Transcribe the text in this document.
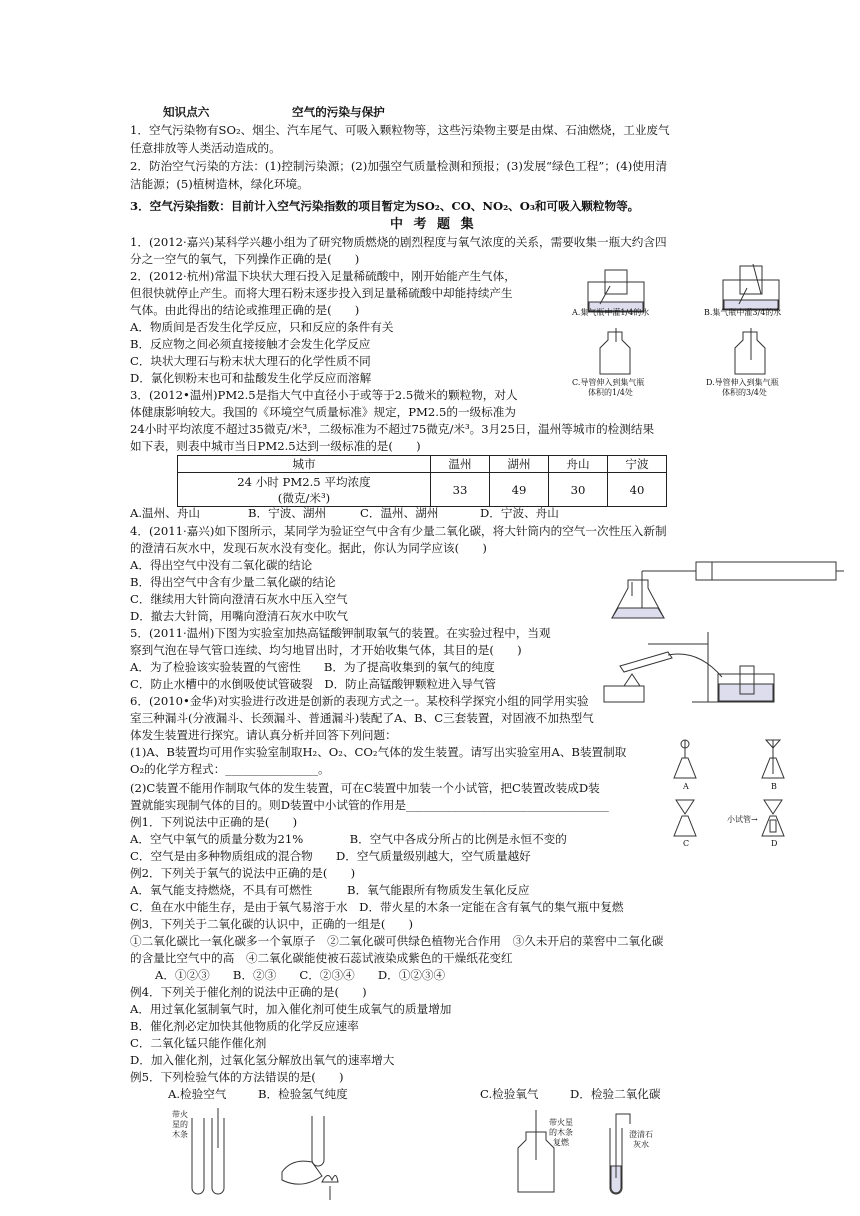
知识点六	空气的污染与保护
1．空气污染物有SO₂、烟尘、汽车尾气、可吸入颗粒物等，这些污染物主要是由煤、石油燃烧，工业废气
任意排放等人类活动造成的。
2．防治空气污染的方法：(1)控制污染源；(2)加强空气质量检测和预报；(3)发展“绿色工程”；(4)使用清
洁能源；(5)植树造林，绿化环境。
3．空气污染指数：目前计入空气污染指数的项目暂定为SO₂、CO、NO₂、O₃和可吸入颗粒物等。
中 考 题 集
1．(2012·嘉兴)某科学兴趣小组为了研究物质燃烧的剧烈程度与氧气浓度的关系，需要收集一瓶大约含四
分之一空气的氧气，下列操作正确的是(　　)
A.集气瓶中灌1/4的水	B.集气瓶中灌3/4的水
C.导管伸入到集气瓶
体积的1/4处
D.导管伸入到集气瓶
体积的3/4处
2．(2012·杭州)常温下块状大理石投入足量稀硫酸中，刚开始能产生气体，
但很快就停止产生。而将大理石粉末逐步投入到足量稀硫酸中却能持续产生
气体。由此得出的结论或推理正确的是(　　)
A．物质间是否发生化学反应，只和反应的条件有关
B．反应物之间必须直接接触才会发生化学反应
C．块状大理石与粉末状大理石的化学性质不同
D．氯化钡粉末也可和盐酸发生化学反应而溶解
3．(2012•温州)PM2.5是指大气中直径小于或等于2.5微米的颗粒物，对人
体健康影响较大。我国的《环境空气质量标准》规定，PM2.5的一级标准为
24小时平均浓度不超过35微克/米³，二级标准为不超过75微克/米³。3月25日，温州等城市的检测结果
如下表，则表中城市当日PM2.5达到一级标准的是(　　)
城市	温州	湖州	舟山	宁波

24 小时 PM2.5 平均浓度
(微克/米³)	33	49	30	40
A.温州、舟山	B．宁波、湖州	C．温州、湖州	D．宁波、舟山
4．(2011·嘉兴)如下图所示，某同学为验证空气中含有少量二氧化碳，将大针筒内的空气一次性压入新制
的澄清石灰水中，发现石灰水没有变化。据此，你认为同学应该(　　)
A．得出空气中没有二氧化碳的结论
B．得出空气中含有少量二氧化碳的结论
C．继续用大针筒向澄清石灰水中压入空气
D．撤去大针筒，用嘴向澄清石灰水中吹气
5．(2011·温州)下图为实验室加热高锰酸钾制取氧气的装置。在实验过程中，当观
察到气泡在导气管口连续、均匀地冒出时，才开始收集气体，其目的是(　　)
A．为了检验该实验装置的气密性　　B．为了提高收集到的氧气的纯度
C．防止水槽中的水倒吸使试管破裂　D．防止高锰酸钾颗粒进入导气管
6．(2010•金华)对实验进行改进是创新的表现方式之一。某校科学探究小组的同学用实验
室三种漏斗(分液漏斗、长颈漏斗、普通漏斗)装配了A、B、C三套装置，对固液不加热型气
体发生装置进行探究。请认真分析并回答下列问题：
(1)A、B装置均可用作实验室制取H₂、O₂、CO₂气体的发生装置。请写出实验室用A、B装置制取
O₂的化学方程式：________________。
(2)C装置不能用作制取气体的发生装置，可在C装置中加装一个小试管，把C装置改装成D装
置就能实现制气体的目的。则D装置中小试管的作用是___________________________________
A	B
小试管→
C	D
例1．下列说法中正确的是(　　)
A．空气中氧气的质量分数为21%　　　　B．空气中各成分所占的比例是永恒不变的
C．空气是由多种物质组成的混合物　　D．空气质量级别越大，空气质量越好
例2．下列关于氧气的说法中正确的是(　　)
A．氧气能支持燃烧，不具有可燃性　　　B．氧气能跟所有物质发生氧化反应
C．鱼在水中能生存，是由于氧气易溶于水　D．带火星的木条一定能在含有氧气的集气瓶中复燃
例3．下列关于二氧化碳的认识中，正确的一组是(　　)
①二氧化碳比一氧化碳多一个氧原子　②二氧化碳可供绿色植物光合作用　③久未开启的菜窖中二氧化碳
的含量比空气中的高　④二氧化碳能使被石蕊试液染成紫色的干燥纸花变红
A．①②③　　B．②③　　C．②③④　　D．①②③④
例4．下列关于催化剂的说法中正确的是(　　)
A．用过氧化氢制氧气时，加入催化剂可使生成氧气的质量增加
B．催化剂必定加快其他物质的化学反应速率
C．二氧化锰只能作催化剂
D．加入催化剂，过氧化氢分解放出氧气的速率增大
例5．下列检验气体的方法错误的是(　　)
A.检验空气	B．检验氢气纯度	C.检验氧气	D．检验二氧化碳
带火星的木条
带火星的木条复燃
澄清石灰水
